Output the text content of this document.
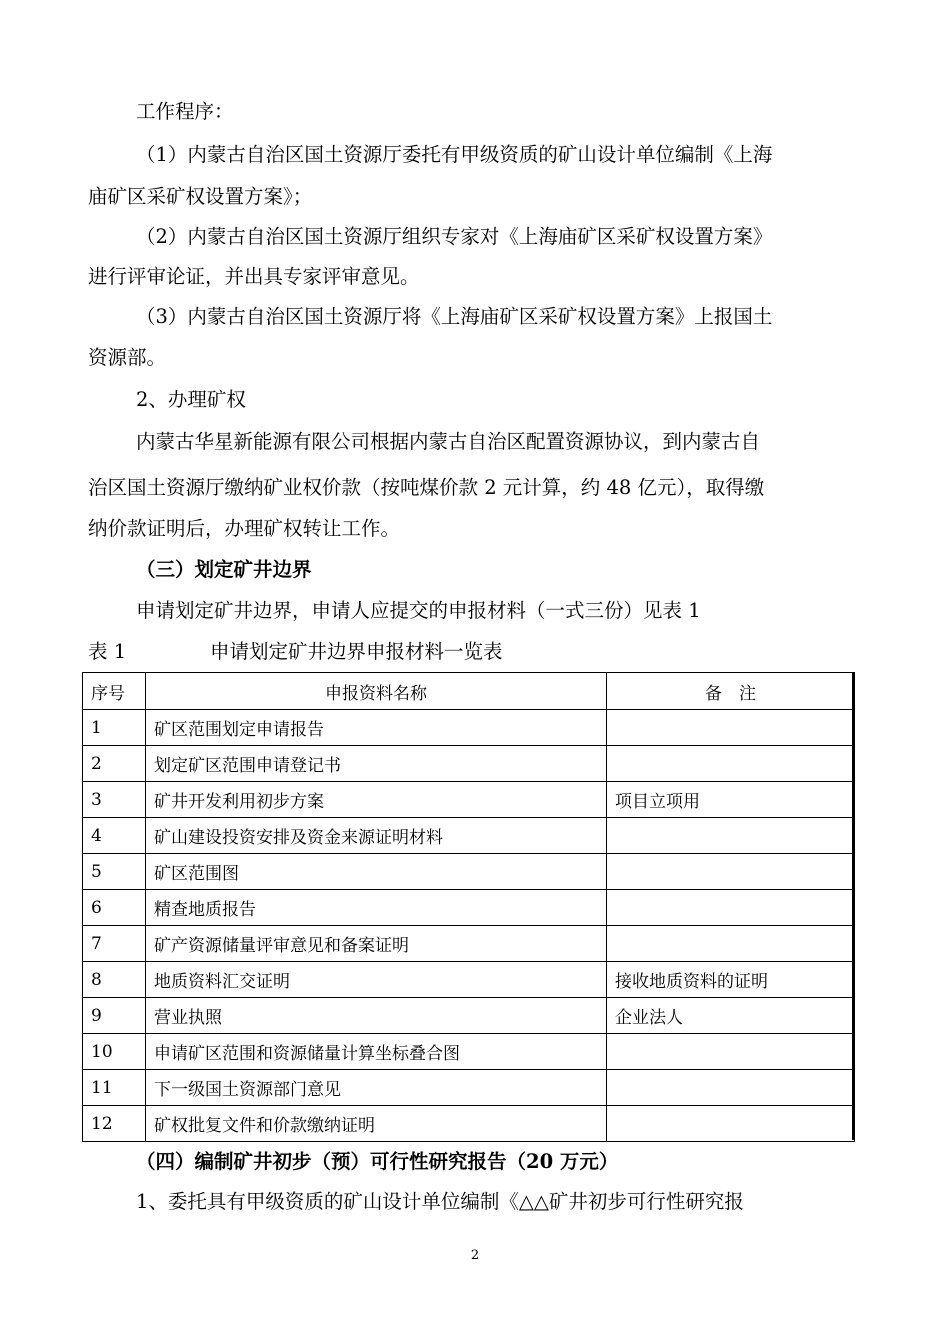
工作程序：
（1）内蒙古自治区国土资源厅委托有甲级资质的矿山设计单位编制《上海
庙矿区采矿权设置方案》；
（2）内蒙古自治区国土资源厅组织专家对《上海庙矿区采矿权设置方案》
进行评审论证，并出具专家评审意见。
（3）内蒙古自治区国土资源厅将《上海庙矿区采矿权设置方案》上报国土
资源部。
2、办理矿权
内蒙古华星新能源有限公司根据内蒙古自治区配置资源协议，到内蒙古自
治区国土资源厅缴纳矿业权价款（按吨煤价款 2 元计算，约 48 亿元），取得缴
纳价款证明后，办理矿权转让工作。
（三）划定矿井边界
申请划定矿井边界，申请人应提交的申报材料（一式三份）见表 1
表 1	申请划定矿井边界申报材料一览表
序号	申报资料名称	备　注
1	矿区范围划定申请报告	
2	划定矿区范围申请登记书	
3	矿井开发利用初步方案	项目立项用
4	矿山建设投资安排及资金来源证明材料	
5	矿区范围图	
6	精查地质报告	
7	矿产资源储量评审意见和备案证明	
8	地质资料汇交证明	接收地质资料的证明
9	营业执照	企业法人
10	申请矿区范围和资源储量计算坐标叠合图	
11	下一级国土资源部门意见	
12	矿权批复文件和价款缴纳证明	
（四）编制矿井初步（预）可行性研究报告（20 万元）
1、委托具有甲级资质的矿山设计单位编制《△△矿井初步可行性研究报
2
